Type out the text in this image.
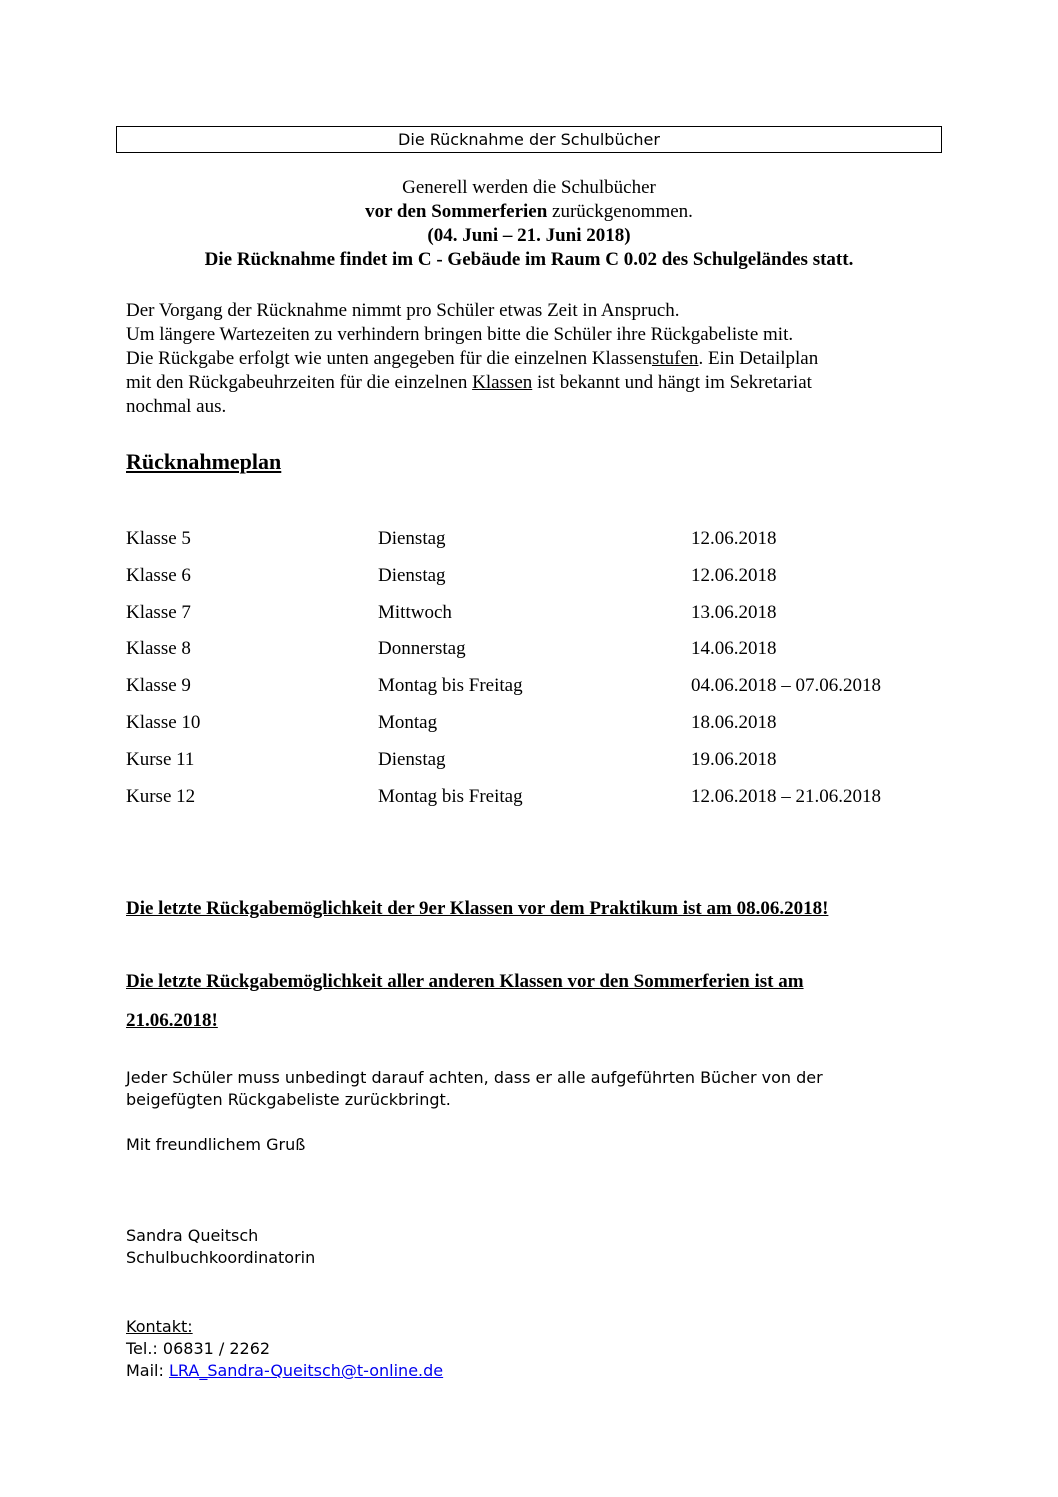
Die Rücknahme der Schulbücher
Generell werden die Schulbücher
vor den Sommerferien zurückgenommen.
(04. Juni – 21. Juni 2018)
Die Rücknahme findet im C - Gebäude im Raum C 0.02 des Schulgeländes statt.
Der Vorgang der Rücknahme nimmt pro Schüler etwas Zeit in Anspruch.
Um längere Wartezeiten zu verhindern bringen bitte die Schüler ihre Rückgabeliste mit.
Die Rückgabe erfolgt wie unten angegeben für die einzelnen Klassenstufen. Ein Detailplan
mit den Rückgabeuhrzeiten für die einzelnen Klassen ist bekannt und hängt im Sekretariat
nochmal aus.
Rücknahmeplan
Klasse 5	Dienstag	12.06.2018
Klasse 6	Dienstag	12.06.2018
Klasse 7	Mittwoch	13.06.2018
Klasse 8	Donnerstag	14.06.2018
Klasse 9	Montag bis Freitag	04.06.2018 – 07.06.2018
Klasse 10	Montag	18.06.2018
Kurse 11	Dienstag	19.06.2018
Kurse 12	Montag bis Freitag	12.06.2018 – 21.06.2018
Die letzte Rückgabemöglichkeit der 9er Klassen vor dem Praktikum ist am 08.06.2018!
Die letzte Rückgabemöglichkeit aller anderen Klassen vor den Sommerferien ist am
21.06.2018!
Jeder Schüler muss unbedingt darauf achten, dass er alle aufgeführten Bücher von der
beigefügten Rückgabeliste zurückbringt.
Mit freundlichem Gruß
Sandra Queitsch
Schulbuchkoordinatorin
Kontakt:
Tel.: 06831 / 2262
Mail: LRA_Sandra-Queitsch@t-online.de
